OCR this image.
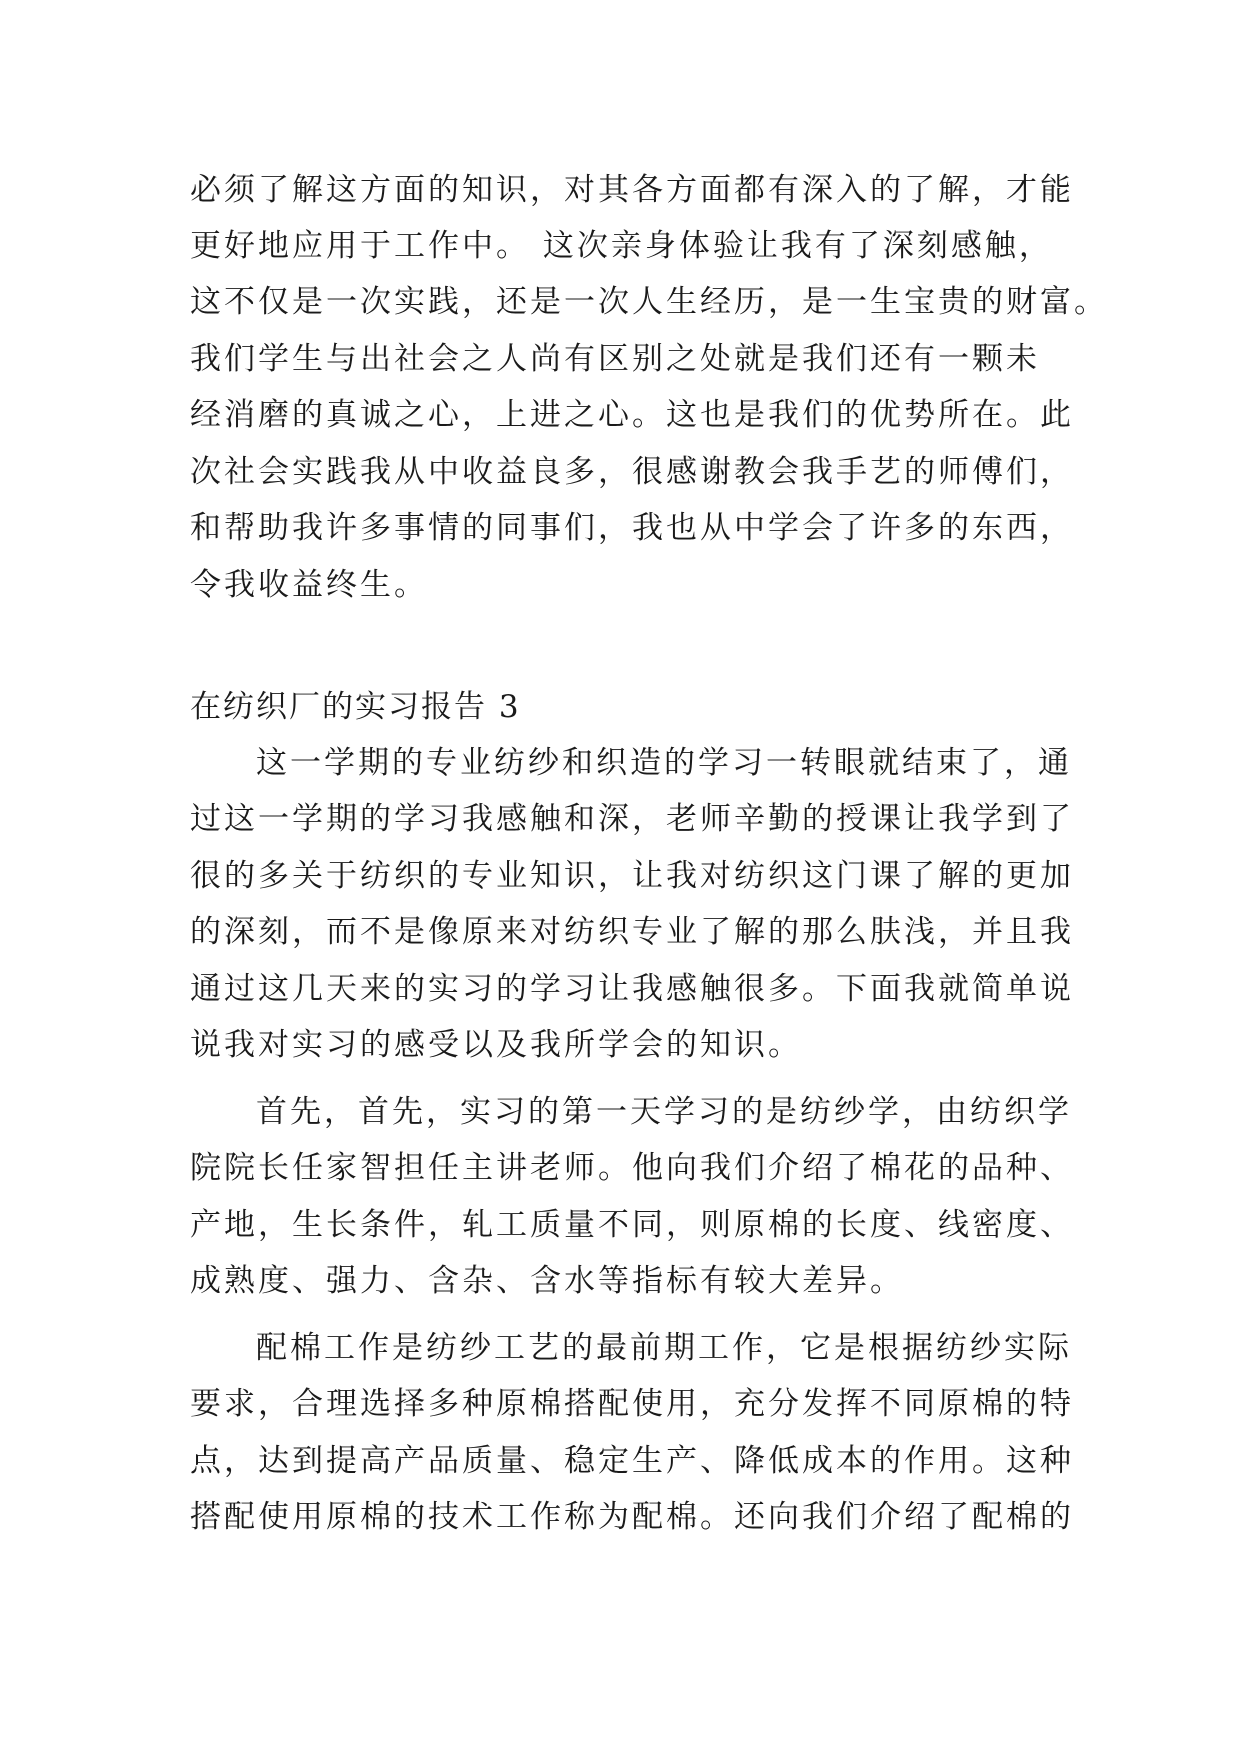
必须了解这方面的知识，对其各方面都有深入的了解，才能
更好地应用于工作中。 这次亲身体验让我有了深刻感触，
这不仅是一次实践，还是一次人生经历，是一生宝贵的财富。
我们学生与出社会之人尚有区别之处就是我们还有一颗未
经消磨的真诚之心，上进之心。这也是我们的优势所在。此
次社会实践我从中收益良多，很感谢教会我手艺的师傅们，
和帮助我许多事情的同事们，我也从中学会了许多的东西，
令我收益终生。
在纺织厂的实习报告 3
这一学期的专业纺纱和织造的学习一转眼就结束了，通
过这一学期的学习我感触和深，老师辛勤的授课让我学到了
很的多关于纺织的专业知识，让我对纺织这门课了解的更加
的深刻，而不是像原来对纺织专业了解的那么肤浅，并且我
通过这几天来的实习的学习让我感触很多。下面我就简单说
说我对实习的感受以及我所学会的知识。
首先，首先，实习的第一天学习的是纺纱学，由纺织学
院院长任家智担任主讲老师。他向我们介绍了棉花的品种、
产地，生长条件，轧工质量不同，则原棉的长度、线密度、
成熟度、强力、含杂、含水等指标有较大差异。
配棉工作是纺纱工艺的最前期工作，它是根据纺纱实际
要求，合理选择多种原棉搭配使用，充分发挥不同原棉的特
点，达到提高产品质量、稳定生产、降低成本的作用。这种
搭配使用原棉的技术工作称为配棉。还向我们介绍了配棉的
